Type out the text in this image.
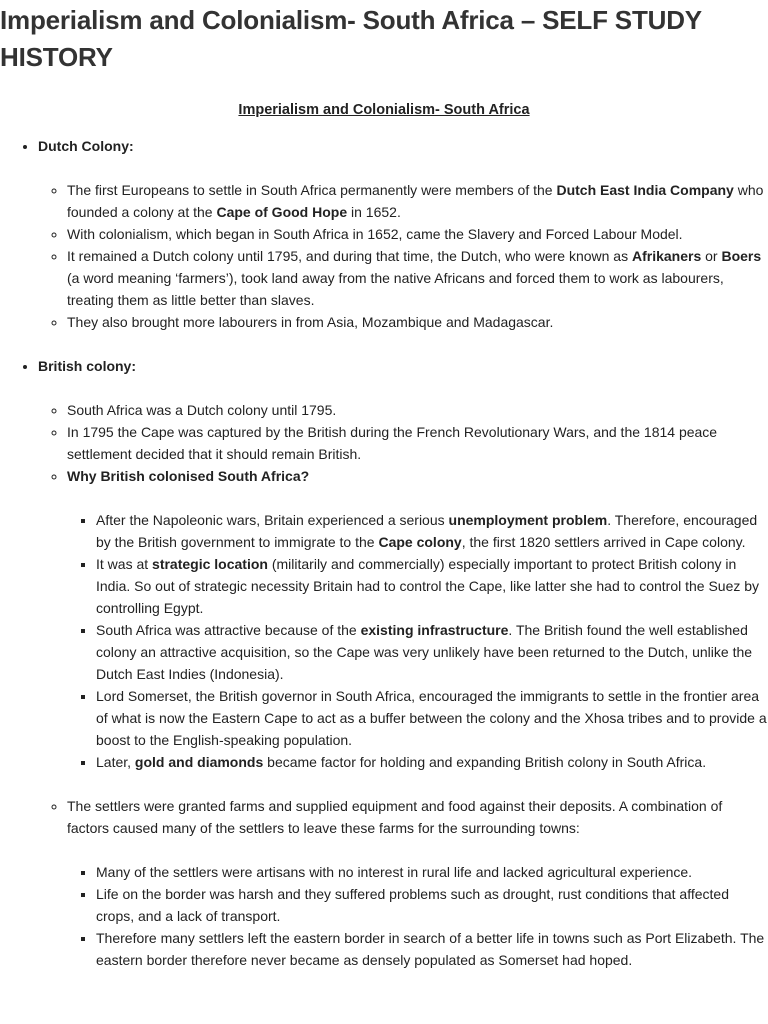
Imperialism and Colonialism- South Africa – SELF STUDY HISTORY
Imperialism and Colonialism- South Africa
• Dutch Colony:
◦ The first Europeans to settle in South Africa permanently were members of the Dutch East India Company who founded a colony at the Cape of Good Hope in 1652.
◦ With colonialism, which began in South Africa in 1652, came the Slavery and Forced Labour Model.
◦ It remained a Dutch colony until 1795, and during that time, the Dutch, who were known as Afrikaners or Boers (a word meaning ‘farmers’), took land away from the native Africans and forced them to work as labourers, treating them as little better than slaves.
◦ They also brought more labourers in from Asia, Mozambique and Madagascar.
• British colony:
◦ South Africa was a Dutch colony until 1795.
◦ In 1795 the Cape was captured by the British during the French Revolutionary Wars, and the 1814 peace settlement decided that it should remain British.
◦ Why British colonised South Africa?
▪ After the Napoleonic wars, Britain experienced a serious unemployment problem. Therefore, encouraged by the British government to immigrate to the Cape colony, the first 1820 settlers arrived in Cape colony.
▪ It was at strategic location (militarily and commercially) especially important to protect British colony in India. So out of strategic necessity Britain had to control the Cape, like latter she had to control the Suez by controlling Egypt.
▪ South Africa was attractive because of the existing infrastructure. The British found the well established colony an attractive acquisition, so the Cape was very unlikely have been returned to the Dutch, unlike the Dutch East Indies (Indonesia).
▪ Lord Somerset, the British governor in South Africa, encouraged the immigrants to settle in the frontier area of what is now the Eastern Cape to act as a buffer between the colony and the Xhosa tribes and to provide a boost to the English-speaking population.
▪ Later, gold and diamonds became factor for holding and expanding British colony in South Africa.
◦ The settlers were granted farms and supplied equipment and food against their deposits. A combination of factors caused many of the settlers to leave these farms for the surrounding towns:
▪ Many of the settlers were artisans with no interest in rural life and lacked agricultural experience.
▪ Life on the border was harsh and they suffered problems such as drought, rust conditions that affected crops, and a lack of transport.
▪ Therefore many settlers left the eastern border in search of a better life in towns such as Port Elizabeth. The eastern border therefore never became as densely populated as Somerset had hoped.
